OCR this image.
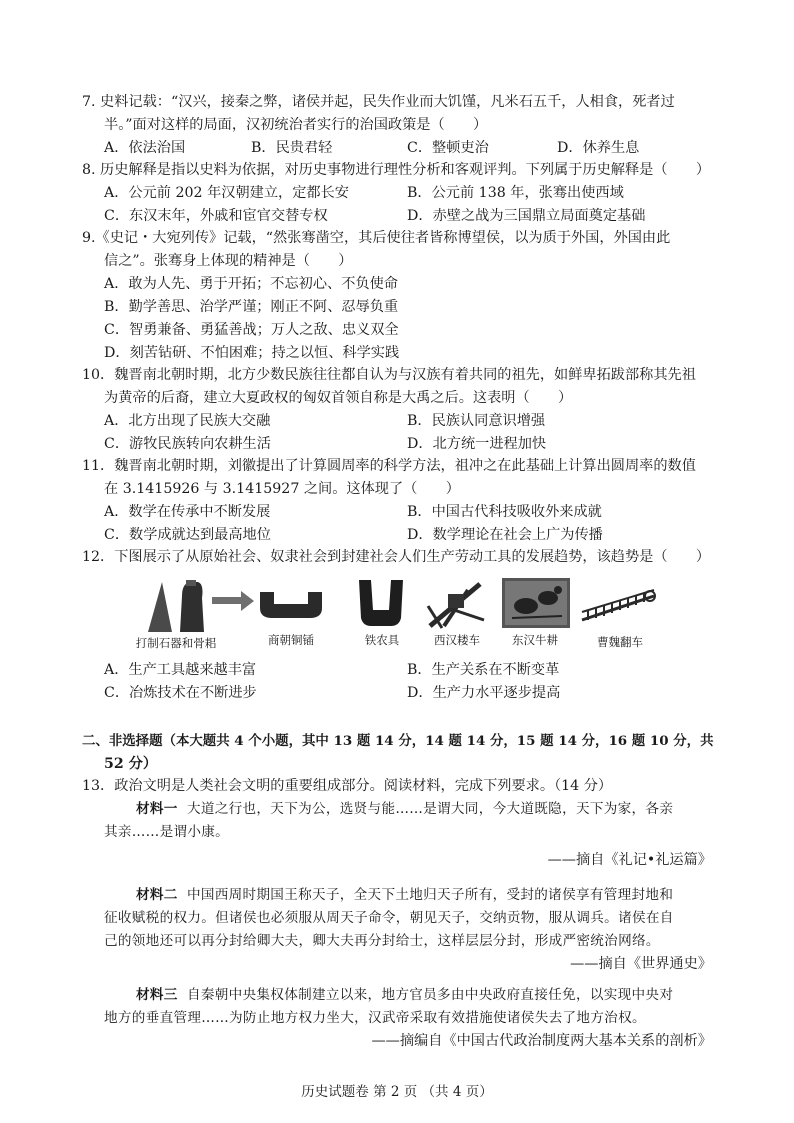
7. 史料记载：“汉兴，接秦之弊，诸侯并起，民失作业而大饥馑，凡米石五千，人相食，死者过
半。”面对这样的局面，汉初统治者实行的治国政策是（　　）
A．依法治国	B．民贵君轻	C．整顿吏治	D．休养生息
8. 历史解释是指以史料为依据，对历史事物进行理性分析和客观评判。下列属于历史解释是（　　）
A．公元前 202 年汉朝建立，定都长安	B．公元前 138 年，张骞出使西域
C．东汉末年，外戚和宦官交替专权	D．赤壁之战为三国鼎立局面奠定基础
9.《史记・大宛列传》记载，“然张骞凿空，其后使往者皆称博望侯，以为质于外国，外国由此
信之”。张骞身上体现的精神是（　　）
A．敢为人先、勇于开拓；不忘初心、不负使命
B．勤学善思、治学严谨；刚正不阿、忍辱负重
C．智勇兼备、勇猛善战；万人之敌、忠义双全
D．刻苦钻研、不怕困难；持之以恒、科学实践
10．魏晋南北朝时期，北方少数民族往往都自认为与汉族有着共同的祖先，如鲜卑拓跋部称其先祖
为黄帝的后裔，建立大夏政权的匈奴首领自称是大禹之后。这表明（　　）
A．北方出现了民族大交融	B．民族认同意识增强
C．游牧民族转向农耕生活	D．北方统一进程加快
11．魏晋南北朝时期，刘徽提出了计算圆周率的科学方法，祖冲之在此基础上计算出圆周率的数值
在 3.1415926 与 3.1415927 之间。这体现了（　　）
A．数学在传承中不断发展	B．中国古代科技吸收外来成就
C．数学成就达到最高地位	D．数学理论在社会上广为传播
12．下图展示了从原始社会、奴隶社会到封建社会人们生产劳动工具的发展趋势，该趋势是（　　）
打制石器和骨耜	商朝铜锸	铁农具	西汉耧车	东汉牛耕	曹魏翻车
A．生产工具越来越丰富	B．生产关系在不断变革
C．冶炼技术在不断进步	D．生产力水平逐步提高
二、非选择题（本大题共 4 个小题，其中 13 题 14 分，14 题 14 分，15 题 14 分，16 题 10 分，共
52 分）
13．政治文明是人类社会文明的重要组成部分。阅读材料，完成下列要求。（14 分）
材料一 大道之行也，天下为公，选贤与能……是谓大同，今大道既隐，天下为家，各亲
其亲……是谓小康。
——摘自《礼记•礼运篇》
材料二 中国西周时期国王称天子，全天下土地归天子所有，受封的诸侯享有管理封地和
征收赋税的权力。但诸侯也必须服从周天子命令，朝见天子，交纳贡物，服从调兵。诸侯在自
己的领地还可以再分封给卿大夫，卿大夫再分封给士，这样层层分封，形成严密统治网络。
——摘自《世界通史》
材料三 自秦朝中央集权体制建立以来，地方官员多由中央政府直接任免，以实现中央对
地方的垂直管理……为防止地方权力坐大，汉武帝采取有效措施使诸侯失去了地方治权。
——摘编自《中国古代政治制度两大基本关系的剖析》
历史试题卷 第 2 页 （共 4 页）
